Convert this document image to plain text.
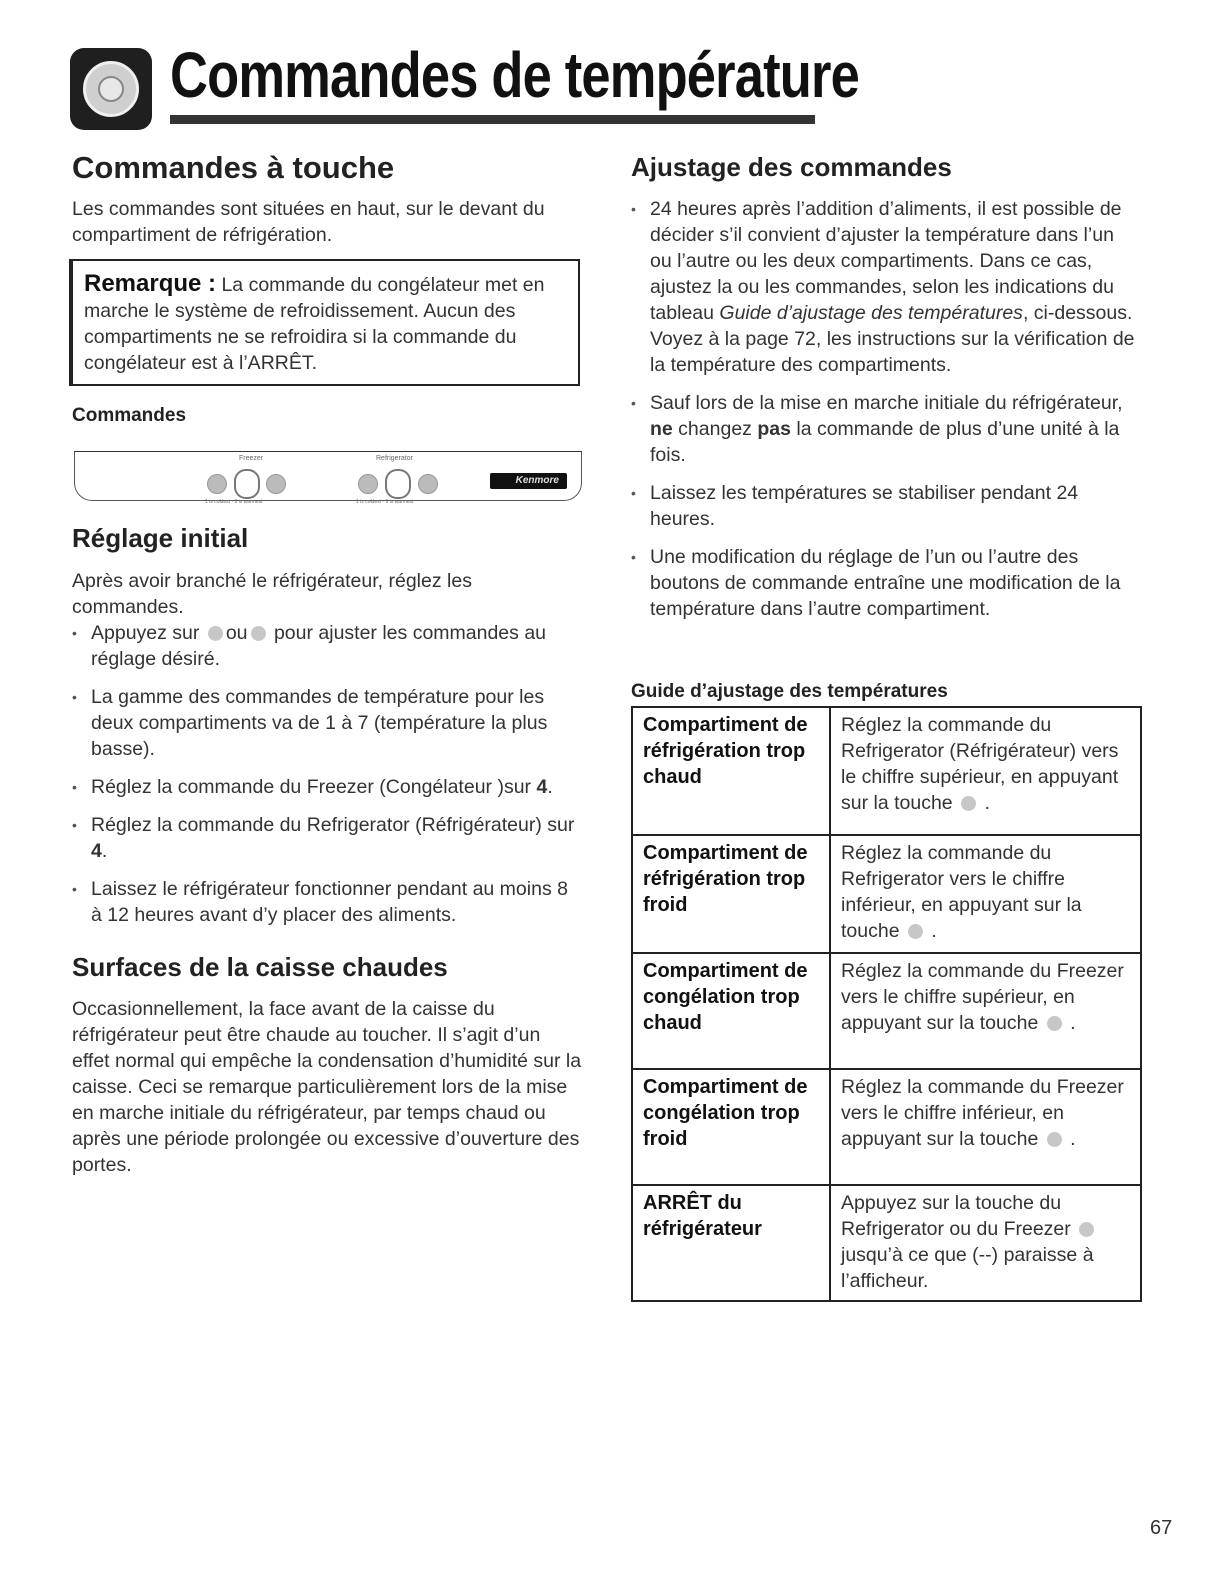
Commandes de température
Commandes à touche
Les commandes sont situées en haut, sur le devant du compartiment de réfrigération.
Remarque : La commande du congélateur met en marche le système de refroidissement. Aucun des compartiments ne se refroidira si la commande du congélateur est à l’ARRÊT.
Commandes
Freezer	Refrigerator
1 is coldest · 9 is warmest	1 is coldest · 9 is warmest
Kenmore
Réglage initial
Après avoir branché le réfrigérateur, réglez les commandes.
• Appuyez sur ou pour ajuster les commandes au réglage désiré.
• La gamme des commandes de température pour les deux compartiments va de 1 à 7 (température la plus basse).
• Réglez la commande du Freezer (Congélateur )sur 4.
• Réglez la commande du Refrigerator (Réfrigérateur) sur 4.
• Laissez le réfrigérateur fonctionner pendant au moins 8 à 12 heures avant d’y placer des aliments.
Surfaces de la caisse chaudes
Occasionnellement, la face avant de la caisse du réfrigérateur peut être chaude au toucher. Il s’agit d’un effet normal qui empêche la condensation d’humidité sur la caisse. Ceci se remarque particulièrement lors de la mise en marche initiale du réfrigérateur, par temps chaud ou après une période prolongée ou excessive d’ouverture des portes.
Ajustage des commandes
• 24 heures après l’addition d’aliments, il est possible de décider s’il convient d’ajuster la température dans l’un ou l’autre ou les deux compartiments. Dans ce cas, ajustez la ou les commandes, selon les indications du tableau Guide d’ajustage des températures, ci-dessous. Voyez à la page 72, les instructions sur la vérification de la température des compartiments.
• Sauf lors de la mise en marche initiale du réfrigérateur, ne changez pas la commande de plus d’une unité à la fois.
• Laissez les températures se stabiliser pendant 24 heures.
• Une modification du réglage de l’un ou l’autre des boutons de commande entraîne une modification de la température dans l’autre compartiment.
Guide d’ajustage des températures
Compartiment de réfrigération trop chaud	Réglez la commande du Refrigerator (Réfrigérateur) vers le chiffre supérieur, en appuyant sur la touche .
Compartiment de réfrigération trop froid	Réglez la commande du Refrigerator vers le chiffre inférieur, en appuyant sur la touche .
Compartiment de congélation trop chaud	Réglez la commande du Freezer vers le chiffre supérieur, en appuyant sur la touche .
Compartiment de congélation trop froid	Réglez la commande du Freezer vers le chiffre inférieur, en appuyant sur la touche .
ARRÊT du réfrigérateur	Appuyez sur la touche du Refrigerator ou du Freezer  jusqu’à ce que (--) paraisse à l’afficheur.
67
